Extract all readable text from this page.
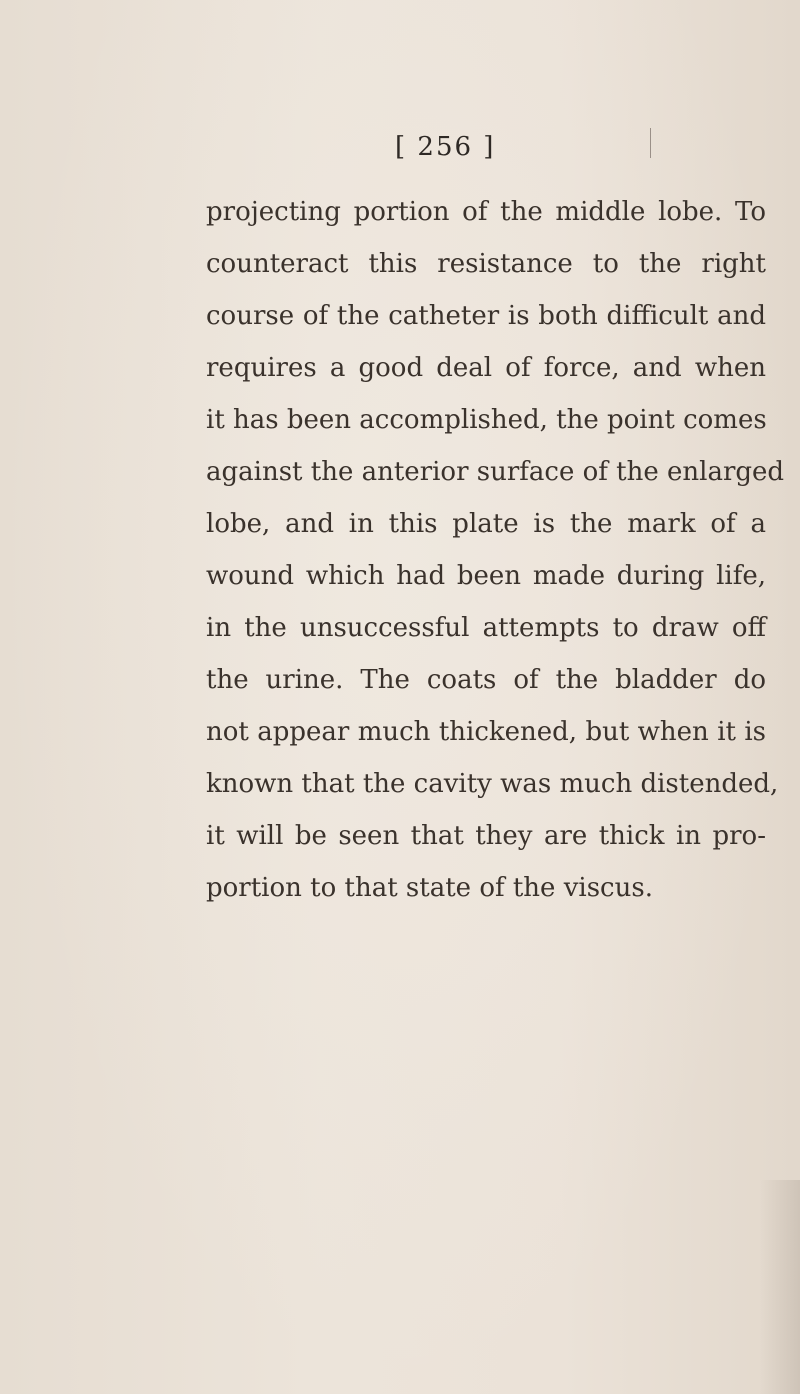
[ 256 ]
projecting portion of the middle lobe. To
counteract this resistance to the right
course of the catheter is both difficult and
requires a good deal of force, and when
it has been accomplished, the point comes
against the anterior surface of the enlarged
lobe, and in this plate is the mark of a
wound which had been made during life,
in the unsuccessful attempts to draw off
the urine. The coats of the bladder do
not appear much thickened, but when it is
known that the cavity was much distended,
it will be seen that they are thick in pro-
portion to that state of the viscus.
